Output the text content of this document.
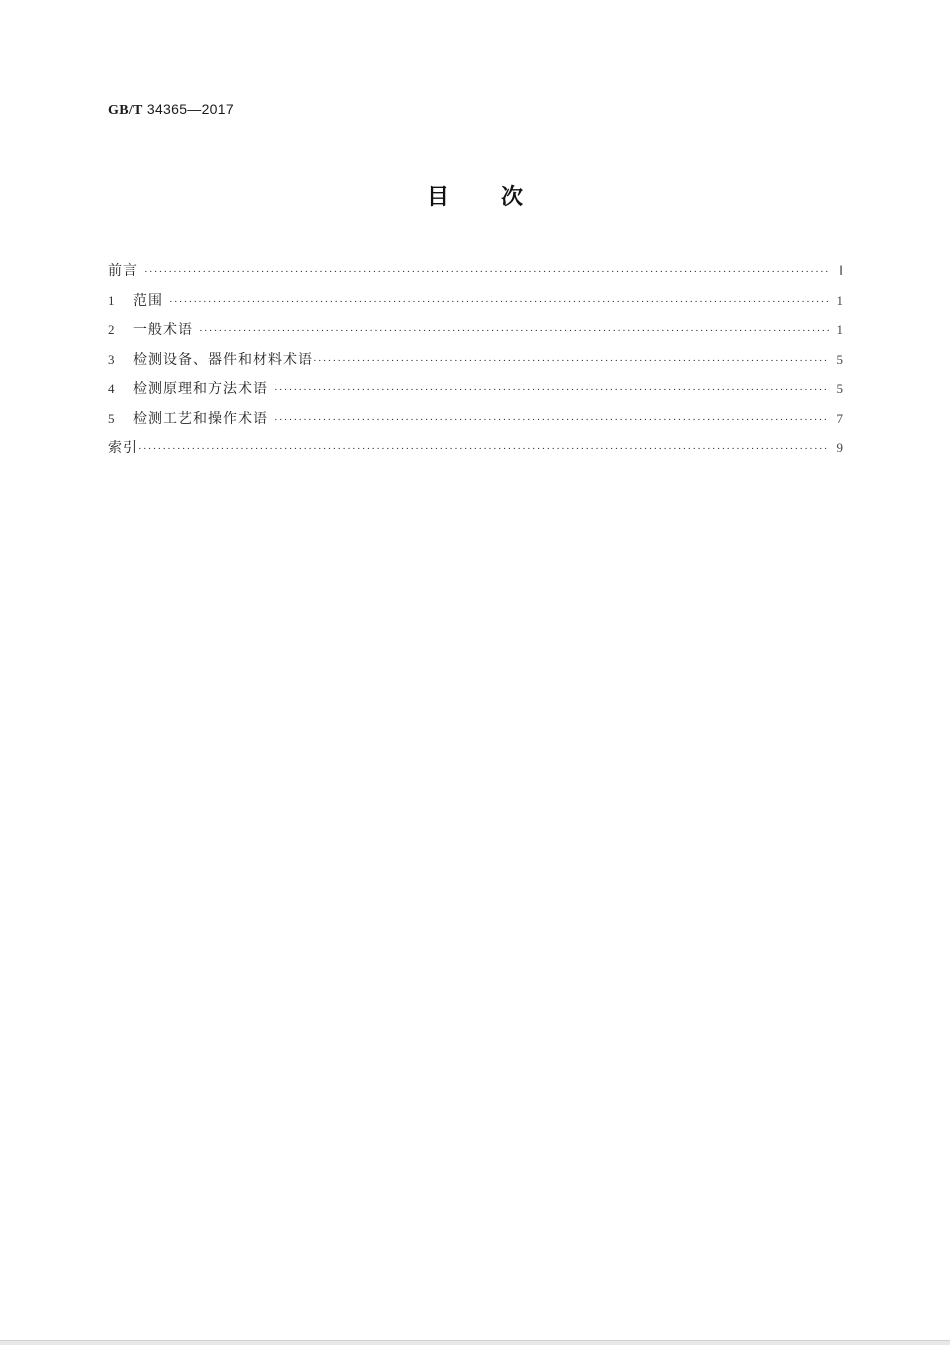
GB/T 34365—2017
目次
前言 ·····	Ⅰ
1	范围 ·····	1
2	一般术语 ·····	1
3	检测设备、器件和材料术语 ·····	5
4	检测原理和方法术语 ·····	5
5	检测工艺和操作术语 ·····	7
索引 ·····	9
